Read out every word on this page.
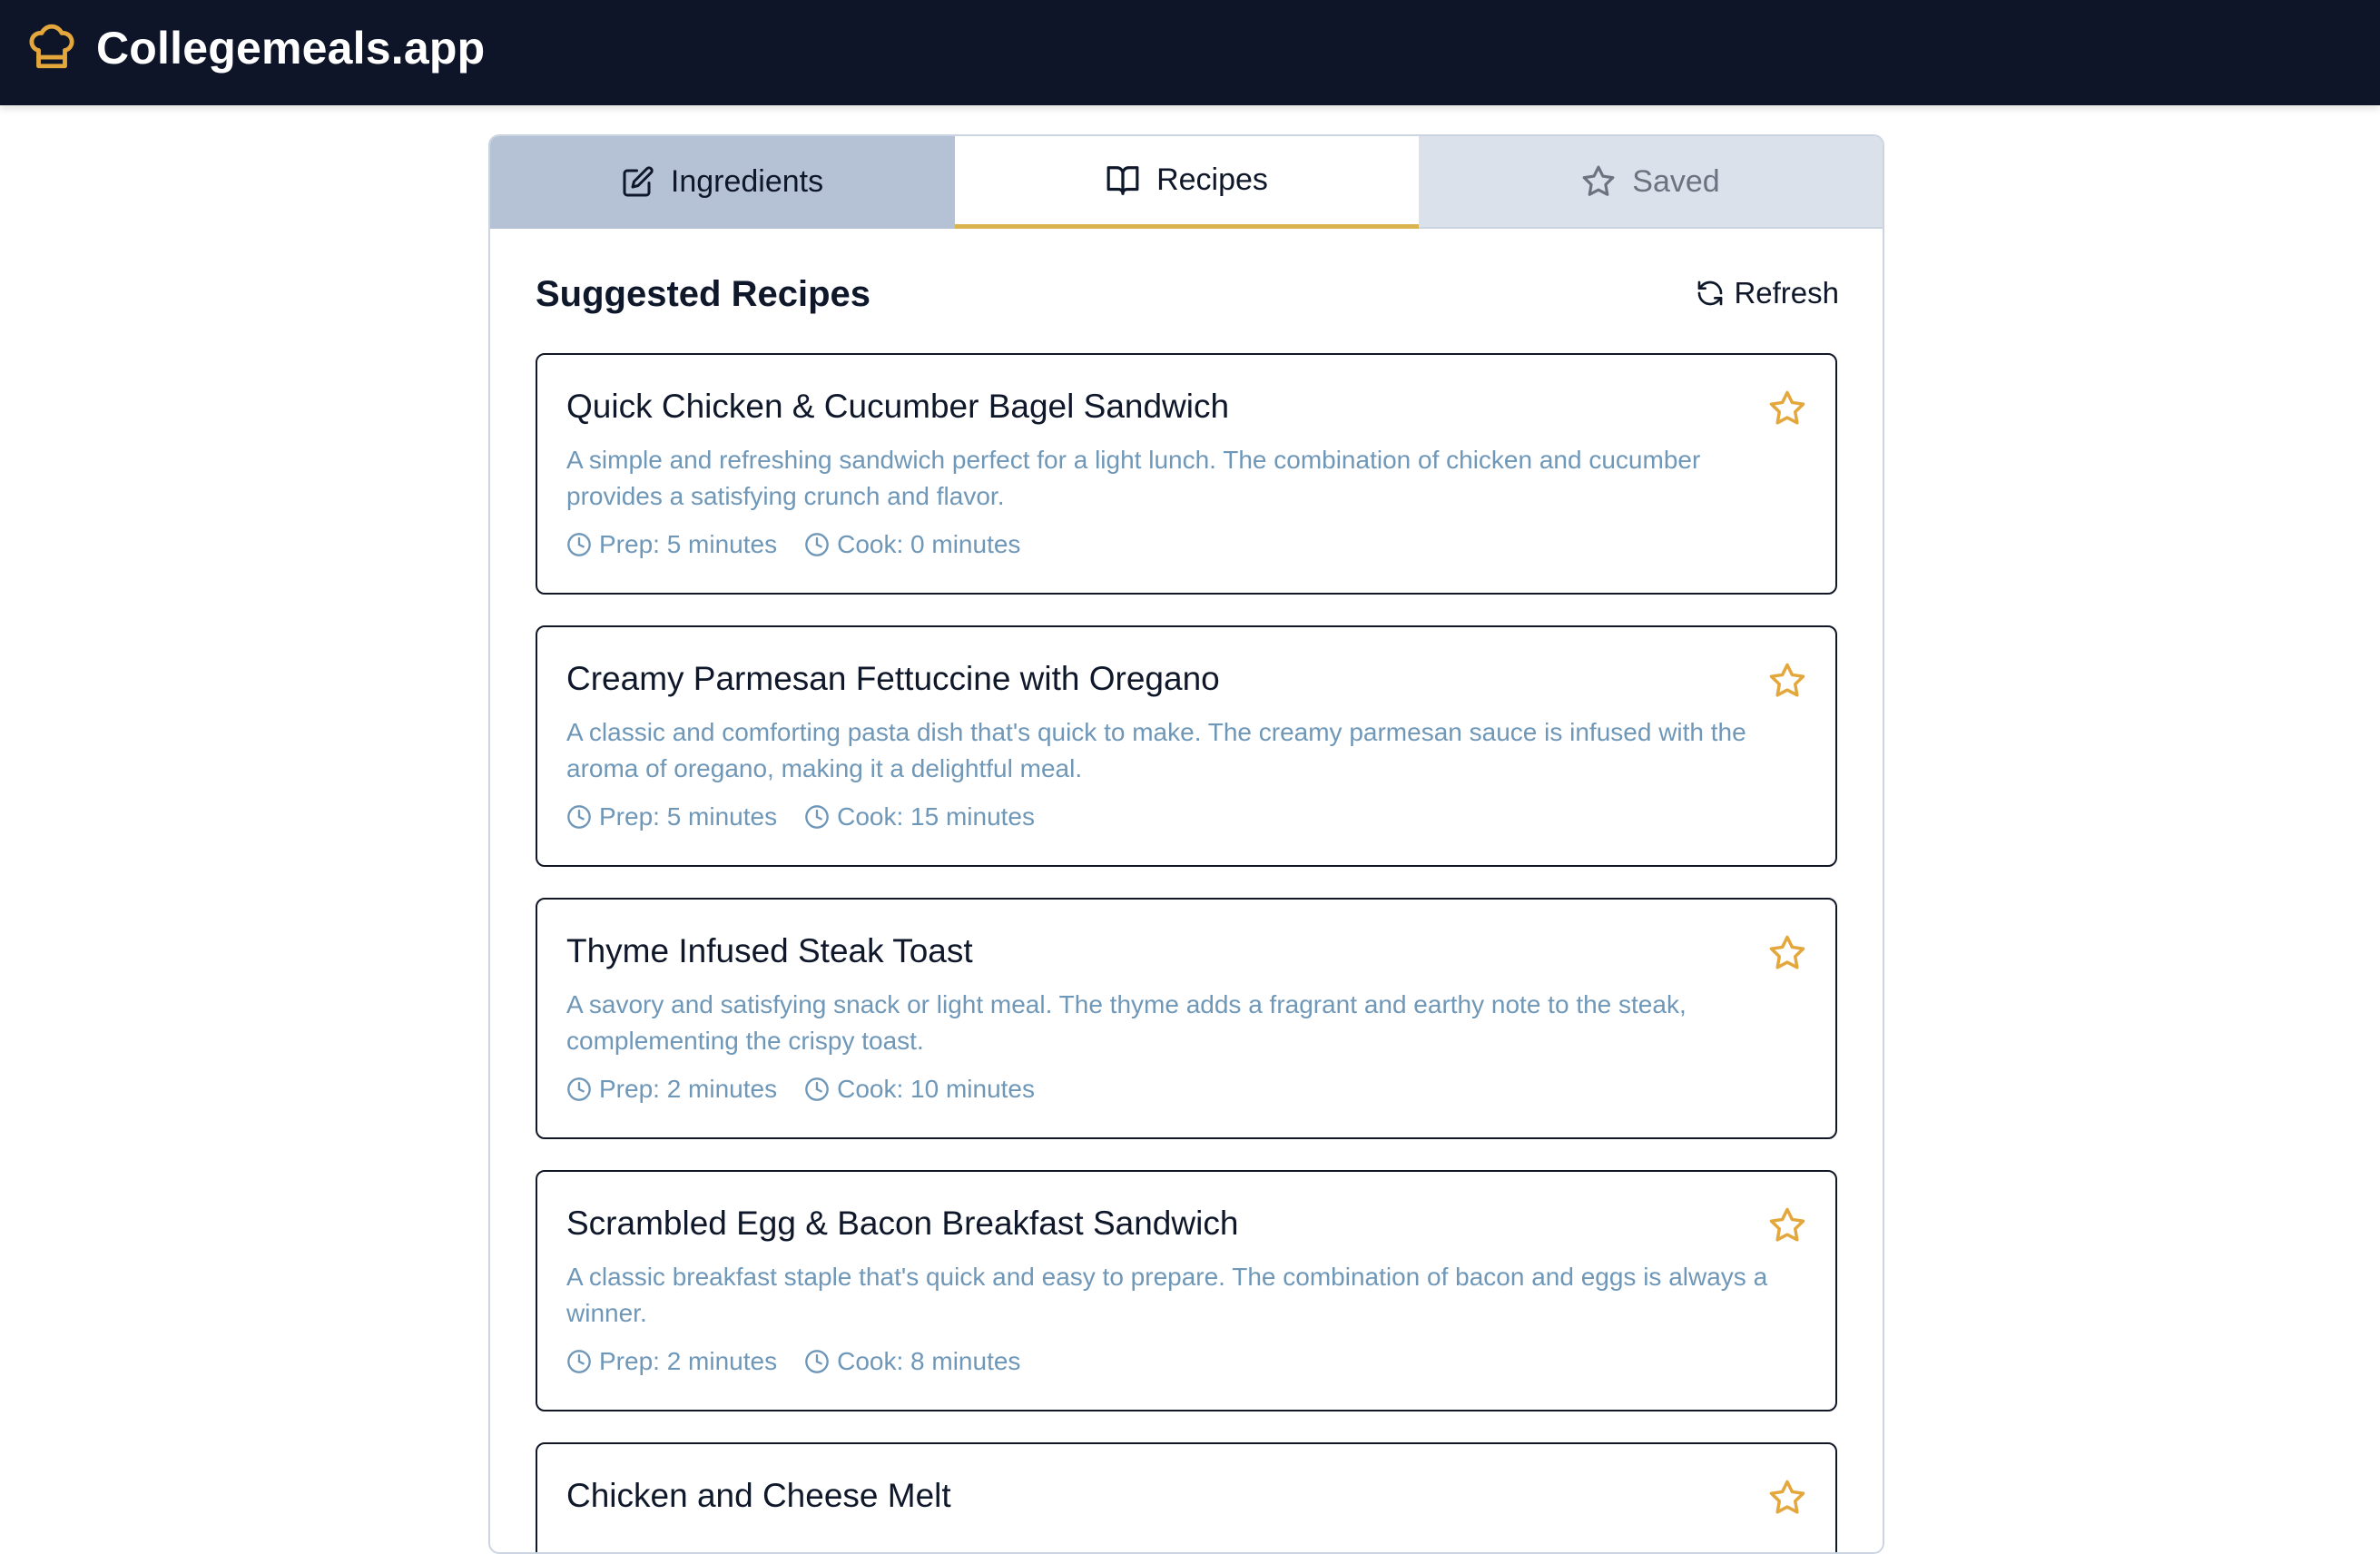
Collegemeals.app
Ingredients	Recipes	Saved
Suggested Recipes	Refresh
Quick Chicken & Cucumber Bagel Sandwich
A simple and refreshing sandwich perfect for a light lunch. The combination of chicken and cucumber provides a satisfying crunch and flavor.
Prep: 5 minutes Cook: 0 minutes
Creamy Parmesan Fettuccine with Oregano
A classic and comforting pasta dish that's quick to make. The creamy parmesan sauce is infused with the aroma of oregano, making it a delightful meal.
Prep: 5 minutes Cook: 15 minutes
Thyme Infused Steak Toast
A savory and satisfying snack or light meal. The thyme adds a fragrant and earthy note to the steak, complementing the crispy toast.
Prep: 2 minutes Cook: 10 minutes
Scrambled Egg & Bacon Breakfast Sandwich
A classic breakfast staple that's quick and easy to prepare. The combination of bacon and eggs is always a winner.
Prep: 2 minutes Cook: 8 minutes
Chicken and Cheese Melt
